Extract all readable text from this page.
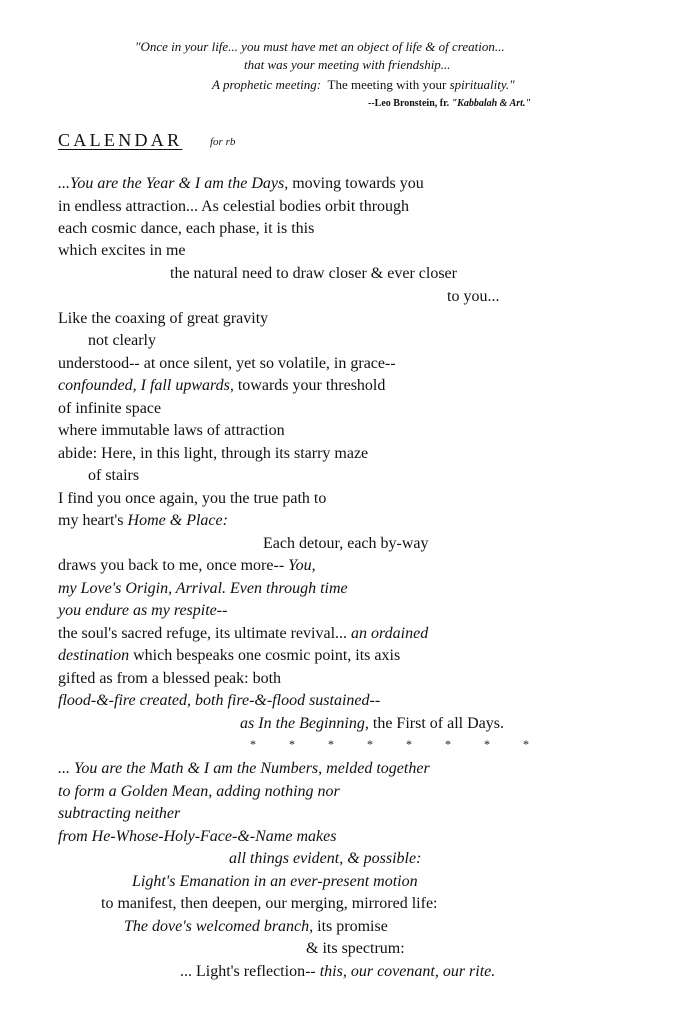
"Once in your life... you must have met an object of life & of creation...
that was your meeting with friendship...
A prophetic meeting: The meeting with your spirituality."
--Leo Bronstein, fr. "Kabbalah & Art."
CALENDAR	for rb
...You are the Year & I am the Days, moving towards you
in endless attraction... As celestial bodies orbit through
each cosmic dance, each phase, it is this
which excites in me
the natural need to draw closer & ever closer
to you...
Like the coaxing of great gravity
not clearly
understood-- at once silent, yet so volatile, in grace--
confounded, I fall upwards, towards your threshold
of infinite space
where immutable laws of attraction
abide: Here, in this light, through its starry maze
of stairs
I find you once again, you the true path to
my heart's Home & Place:
Each detour, each by-way
draws you back to me, once more-- You,
my Love's Origin, Arrival. Even through time
you endure as my respite--
the soul's sacred refuge, its ultimate revival... an ordained
destination which bespeaks one cosmic point, its axis
gifted as from a blessed peak: both
flood-&-fire created, both fire-&-flood sustained--
as In the Beginning, the First of all Days.
*	*	*	*	*	*	*	*
... You are the Math & I am the Numbers, melded together
to form a Golden Mean, adding nothing nor
subtracting neither
from He-Whose-Holy-Face-&-Name makes
all things evident, & possible:
Light's Emanation in an ever-present motion
to manifest, then deepen, our merging, mirrored life:
The dove's welcomed branch, its promise
& its spectrum:
... Light's reflection-- this, our covenant, our rite.
